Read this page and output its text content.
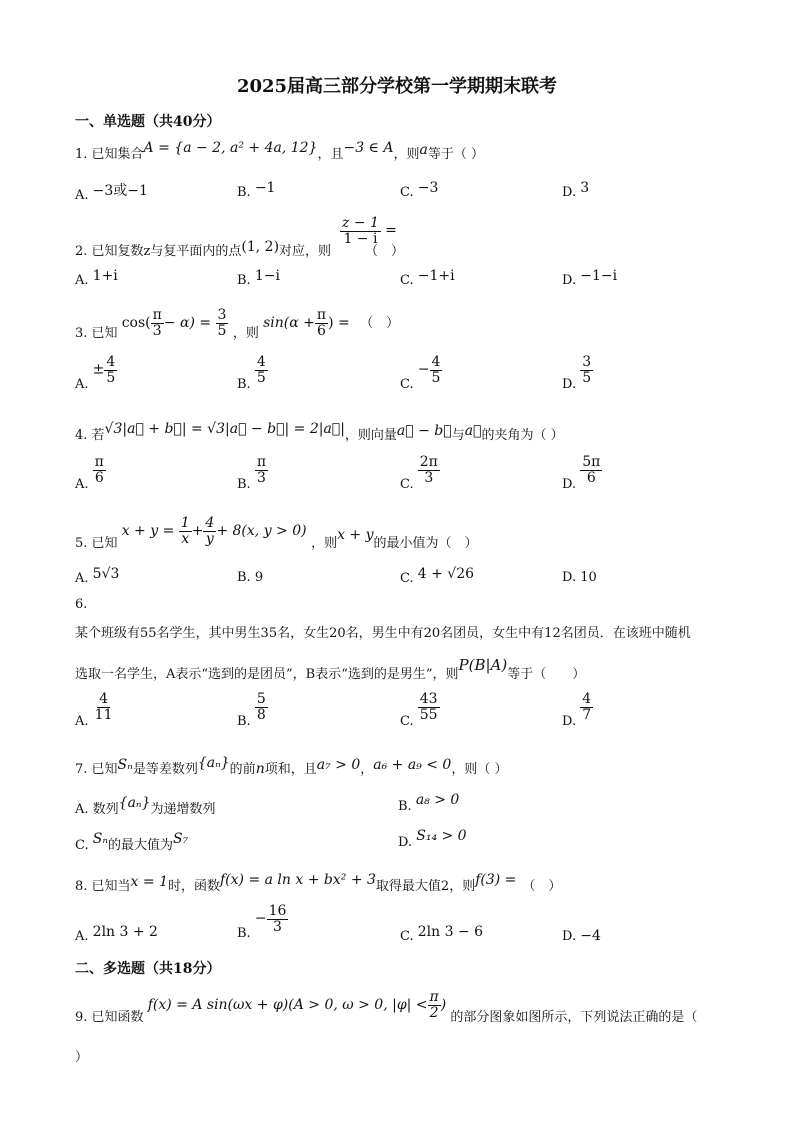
2025届高三部分学校第一学期期末联考
一、单选题（共40分）
1. 已知集合A = {a − 2, a² + 4a, 12}，且−3 ∈ A，则a等于（ ）
A. −3或−1	B. −1	C. −3	D. 3
$\frac{z - 1}{1 - i}$ =
2. 已知复数z与复平面内的点(1, 2)对应，则	（　）
A. 1+i	B. 1−i	C. −1+i	D. −1−i
3. 已知 $\cos( \frac{\pi}{3} - \alpha) = \frac{3}{5}$ ，则 $\sin(\alpha + \frac{\pi}{6}$ ) = （　）
A. ± $\frac{4}{5}$	B. $\frac{4}{5}$	C. − $\frac{4}{5}$	D. $\frac{3}{5}$
4. 若√3|a⃗ + b⃗| = √3|a⃗ − b⃗| = 2|a⃗|，则向量a⃗ − b⃗与a⃗的夹角为（ ）
A. $\frac{\pi}{6}$	B. $\frac{\pi}{3}$	C. $\frac{2\pi}{3}$	D. $\frac{5\pi}{6}$
5. 已知 $x + y = \frac{1}{x} + \frac{4}{y} + 8(x$, y > 0) ，则x + y的最小值为（　）
A. 5√3	B. 9	C. 4 + √26	D. 10
6.
某个班级有55名学生，其中男生35名，女生20名，男生中有20名团员，女生中有12名团员．在该班中随机
选取一名学生，A表示“选到的是团员”，B表示“选到的是男生”，则P(B|A)等于（　　）
A. $\frac{4}{11}$	B. $\frac{5}{8}$	C. $\frac{43}{55}$	D. $\frac{4}{7}$
7. 已知Sₙ是等差数列{aₙ}的前n项和，且a₇ > 0，a₆ + a₉ < 0，则（ ）
A. 数列{aₙ}为递增数列	B. a₈ > 0
C. Sₙ的最大值为S₇	D. S₁₄ > 0
8. 已知当x = 1时，函数f(x) = a ln x + bx² + 3取得最大值2，则f(3) = （　）
A. 2ln 3 + 2	B. − $\frac{16}{3}$
C. 2ln 3 − 6	D. −4
二、多选题（共18分）
9. 已知函数 f(x) = A sin(ωx + φ)(A > 0, ω > 0, $|\varphi| < \frac{\pi}{2}$ ) 的部分图象如图所示，下列说法正确的是（
）
